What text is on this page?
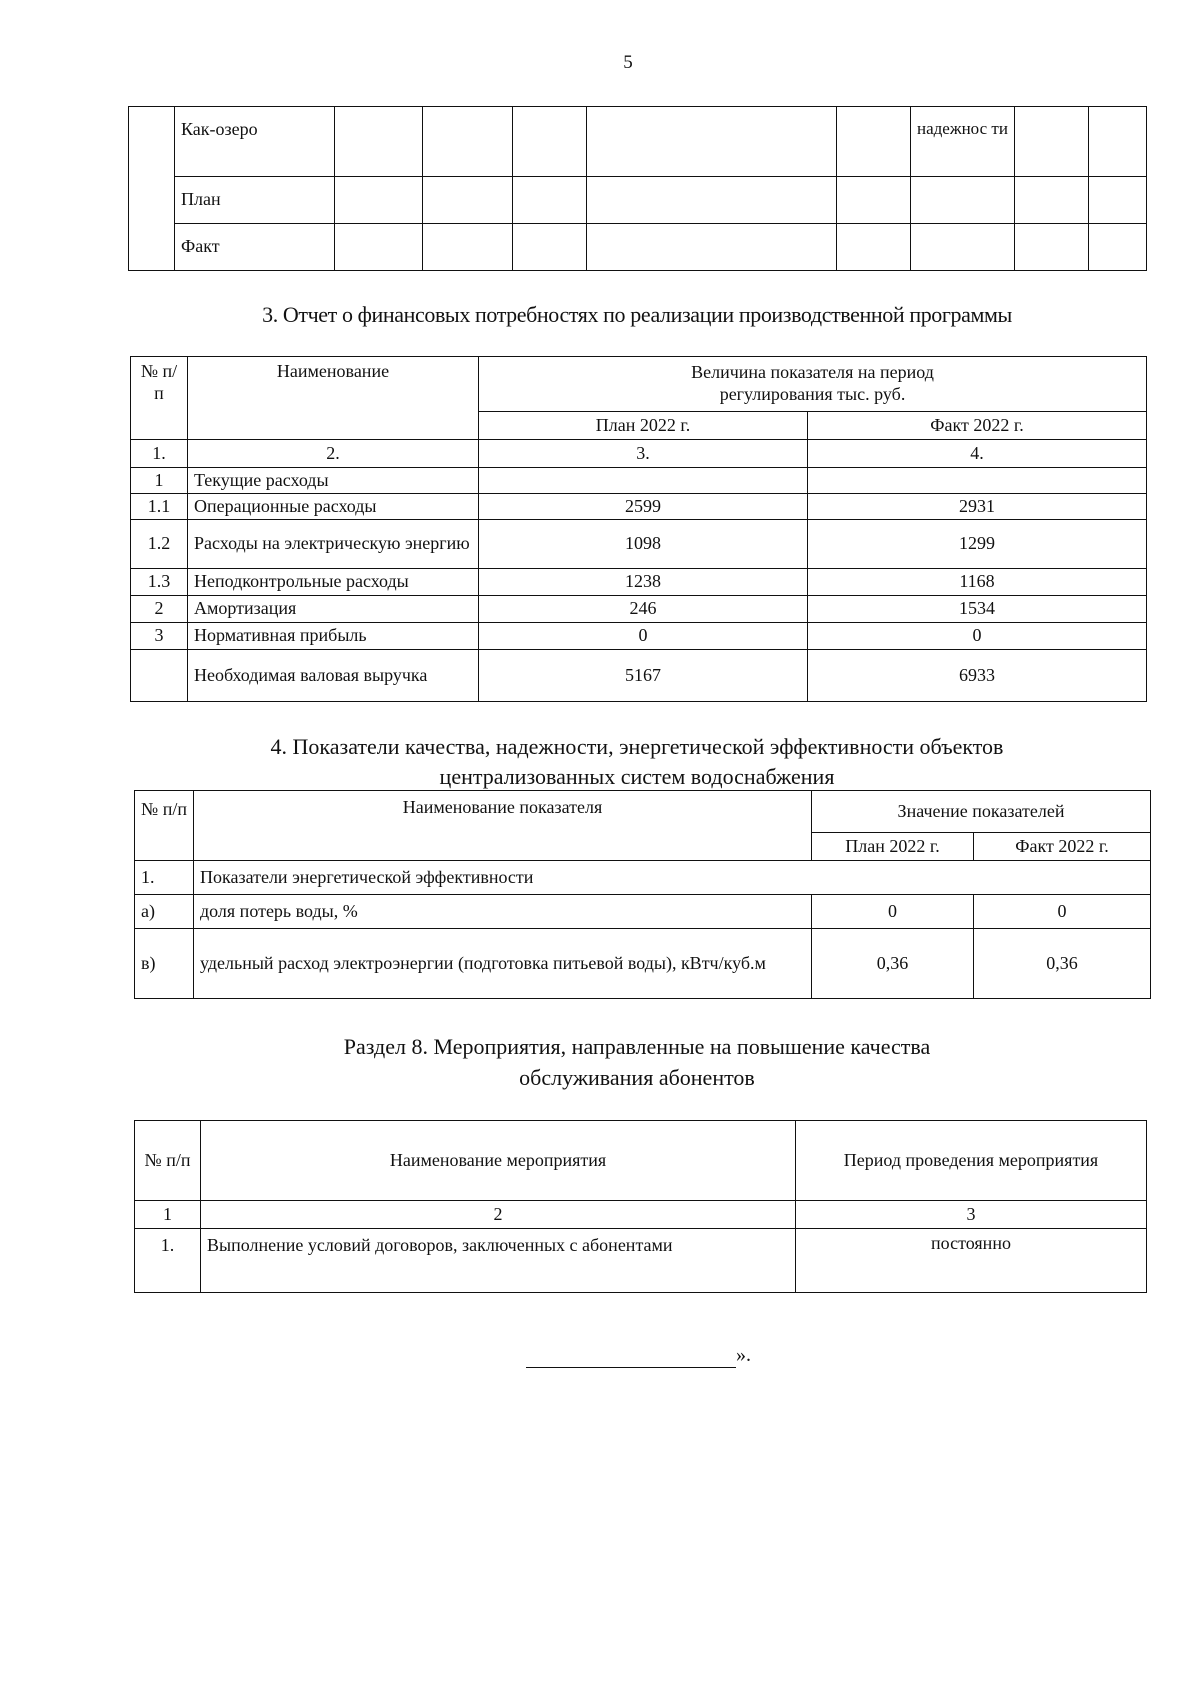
5
	Как-озеро						надежнос ти		
	План								
	Факт								
3. Отчет о финансовых потребностях по реализации производственной программы
№ п/п	Наименование	Величина показателя на период регулирования тыс. руб.	
		План 2022 г.	Факт 2022 г.
1.	2.	3.	4.
1	Текущие расходы		
1.1	Операционные расходы	2599	2931
1.2	Расходы на электрическую энергию	1098	1299
1.3	Неподконтрольные расходы	1238	1168
2	Амортизация	246	1534
3	Нормативная прибыль	0	0
	Необходимая валовая выручка	5167	6933
4. Показатели качества, надежности, энергетической эффективности объектов
централизованных систем водоснабжения
№ п/п	Наименование показателя	Значение показателей	
		План 2022 г.	Факт 2022 г.
1.	Показатели энергетической эффективности		
а)	доля потерь воды, %	0	0
в)	удельный расход электроэнергии (подготовка питьевой воды), кВтч/куб.м	0,36	0,36
Раздел 8. Мероприятия, направленные на повышение качества
обслуживания абонентов
№ п/п	Наименование мероприятия	Период проведения мероприятия
1	2	3
1.	Выполнение условий договоров, заключенных с абонентами	постоянно
».
